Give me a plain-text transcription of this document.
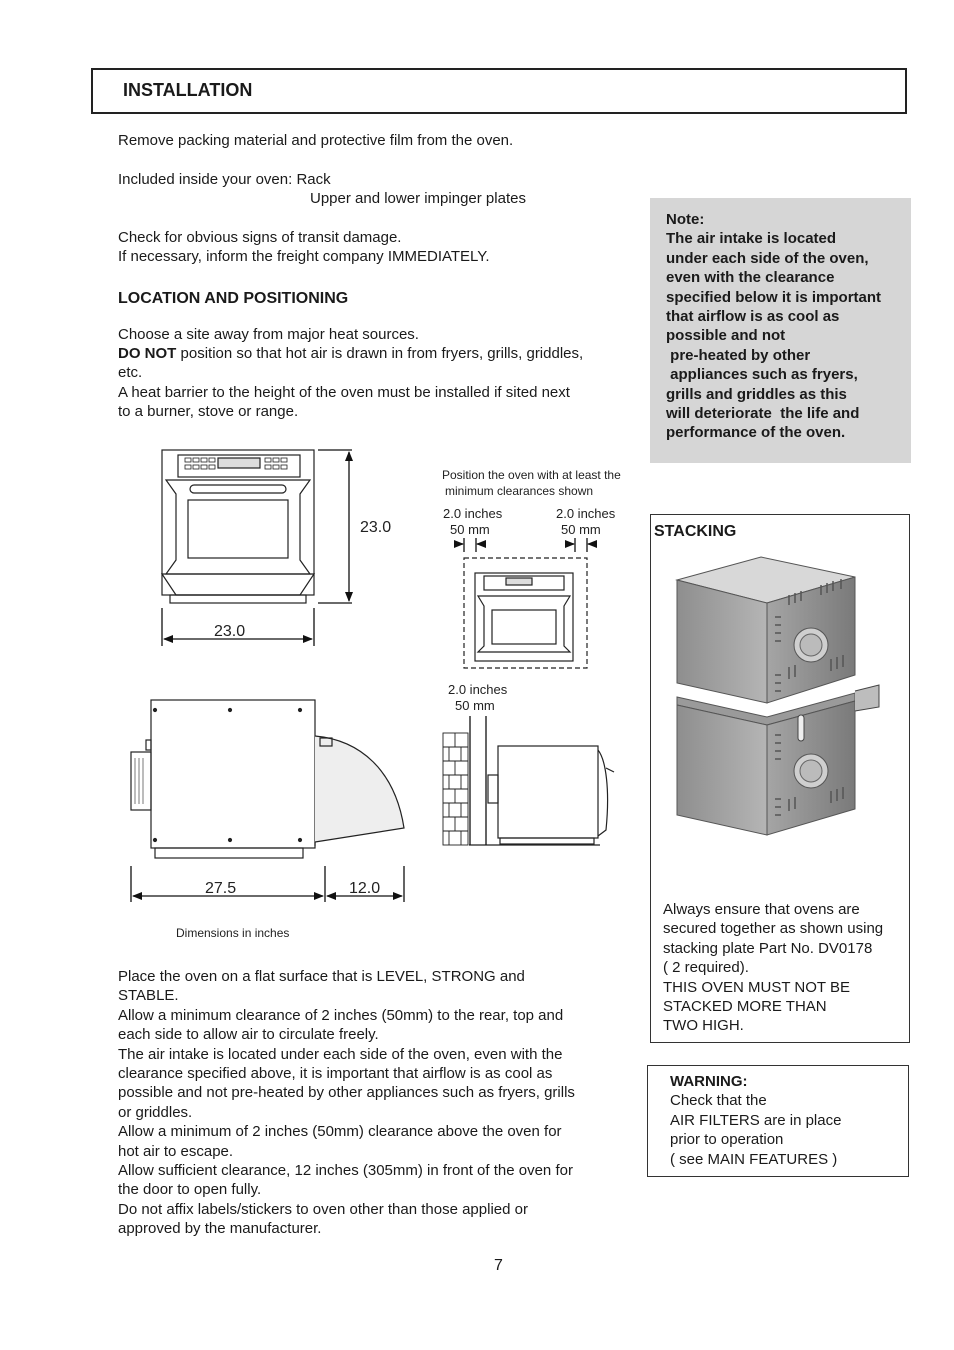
INSTALLATION
Remove packing material and protective film from the oven.
Included inside your oven: Rack
Upper and lower impinger plates
Check for obvious signs of transit damage.
If necessary, inform the freight company IMMEDIATELY.
LOCATION AND POSITIONING
Choose a site away from major heat sources.
DO NOT position so that hot air is drawn in from fryers, grills, griddles,
etc.
A heat barrier to the height of the oven must be installed if sited next
to a burner, stove or range.
Note:
The air intake is located
under each side of the oven,
even with the clearance
specified below it is important
that airflow is as cool as
possible and not
pre-heated by other
appliances such as fryers,
grills and griddles as this
will deteriorate  the life and
performance of the oven.
23.0
23.0
27.5	12.0
Dimensions in inches
Position the oven with at least the
minimum clearances shown
2.0 inches
50 mm
2.0 inches
50 mm
2.0 inches
50 mm
STACKING
Always ensure that ovens are
secured together as shown using
stacking plate Part No. DV0178
( 2 required).
THIS OVEN MUST NOT BE
STACKED MORE THAN
TWO HIGH.
WARNING:
Check that the
AIR FILTERS are in place
prior to operation
( see MAIN FEATURES )
Place the oven on a flat surface that is LEVEL, STRONG and
STABLE.
Allow a minimum clearance of 2 inches (50mm) to the rear, top and
each side to allow air to circulate freely.
The air intake is located under each side of the oven, even with the
clearance specified above, it is important that airflow is as cool as
possible and not pre-heated by other appliances such as fryers, grills
or griddles.
Allow a minimum of 2 inches (50mm) clearance above the oven for
hot air to escape.
Allow sufficient clearance, 12 inches (305mm) in front of the oven for
the door to open fully.
Do not affix labels/stickers to oven other than those applied or
approved by the manufacturer.
7
